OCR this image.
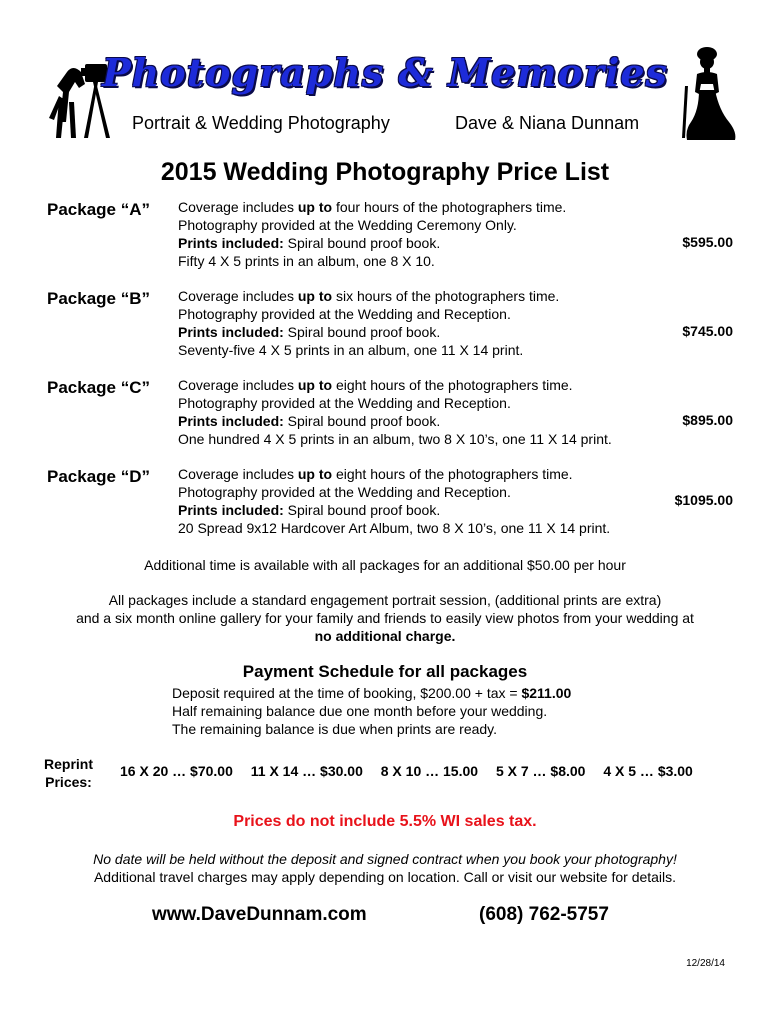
Photographs & Memories
Portrait & Wedding Photography	Dave & Niana Dunnam
2015 Wedding Photography Price List
Package “A” Coverage includes up to four hours of the photographers time.
Photography provided at the Wedding Ceremony Only.
Prints included: Spiral bound proof book.
Fifty 4 X 5 prints in an album, one 8 X 10.
$595.00
Package “B” Coverage includes up to six hours of the photographers time.
Photography provided at the Wedding and Reception.
Prints included: Spiral bound proof book.
Seventy-five 4 X 5 prints in an album, one 11 X 14 print.
$745.00
Package “C” Coverage includes up to eight hours of the photographers time.
Photography provided at the Wedding and Reception.
Prints included: Spiral bound proof book.
One hundred 4 X 5 prints in an album, two 8 X 10’s, one 11 X 14 print.
$895.00
Package “D” Coverage includes up to eight hours of the photographers time.
Photography provided at the Wedding and Reception.
Prints included: Spiral bound proof book.
20 Spread 9x12 Hardcover Art Album, two 8 X 10’s, one 11 X 14 print.
$1095.00
Additional time is available with all packages for an additional $50.00 per hour
All packages include a standard engagement portrait session, (additional prints are extra)
and a six month online gallery for your family and friends to easily view photos from your wedding at
no additional charge.
Payment Schedule for all packages
Deposit required at the time of booking, $200.00 + tax = $211.00
Half remaining balance due one month before your wedding.
The remaining balance is due when prints are ready.
Reprint
Prices:
16 X 20 … $70.00 11 X 14 … $30.00 8 X 10 … 15.00 5 X 7 … $8.00 4 X 5 … $3.00
Prices do not include 5.5% WI sales tax.
No date will be held without the deposit and signed contract when you book your photography!
Additional travel charges may apply depending on location. Call or visit our website for details.
www.DaveDunnam.com	(608) 762-5757
12/28/14
